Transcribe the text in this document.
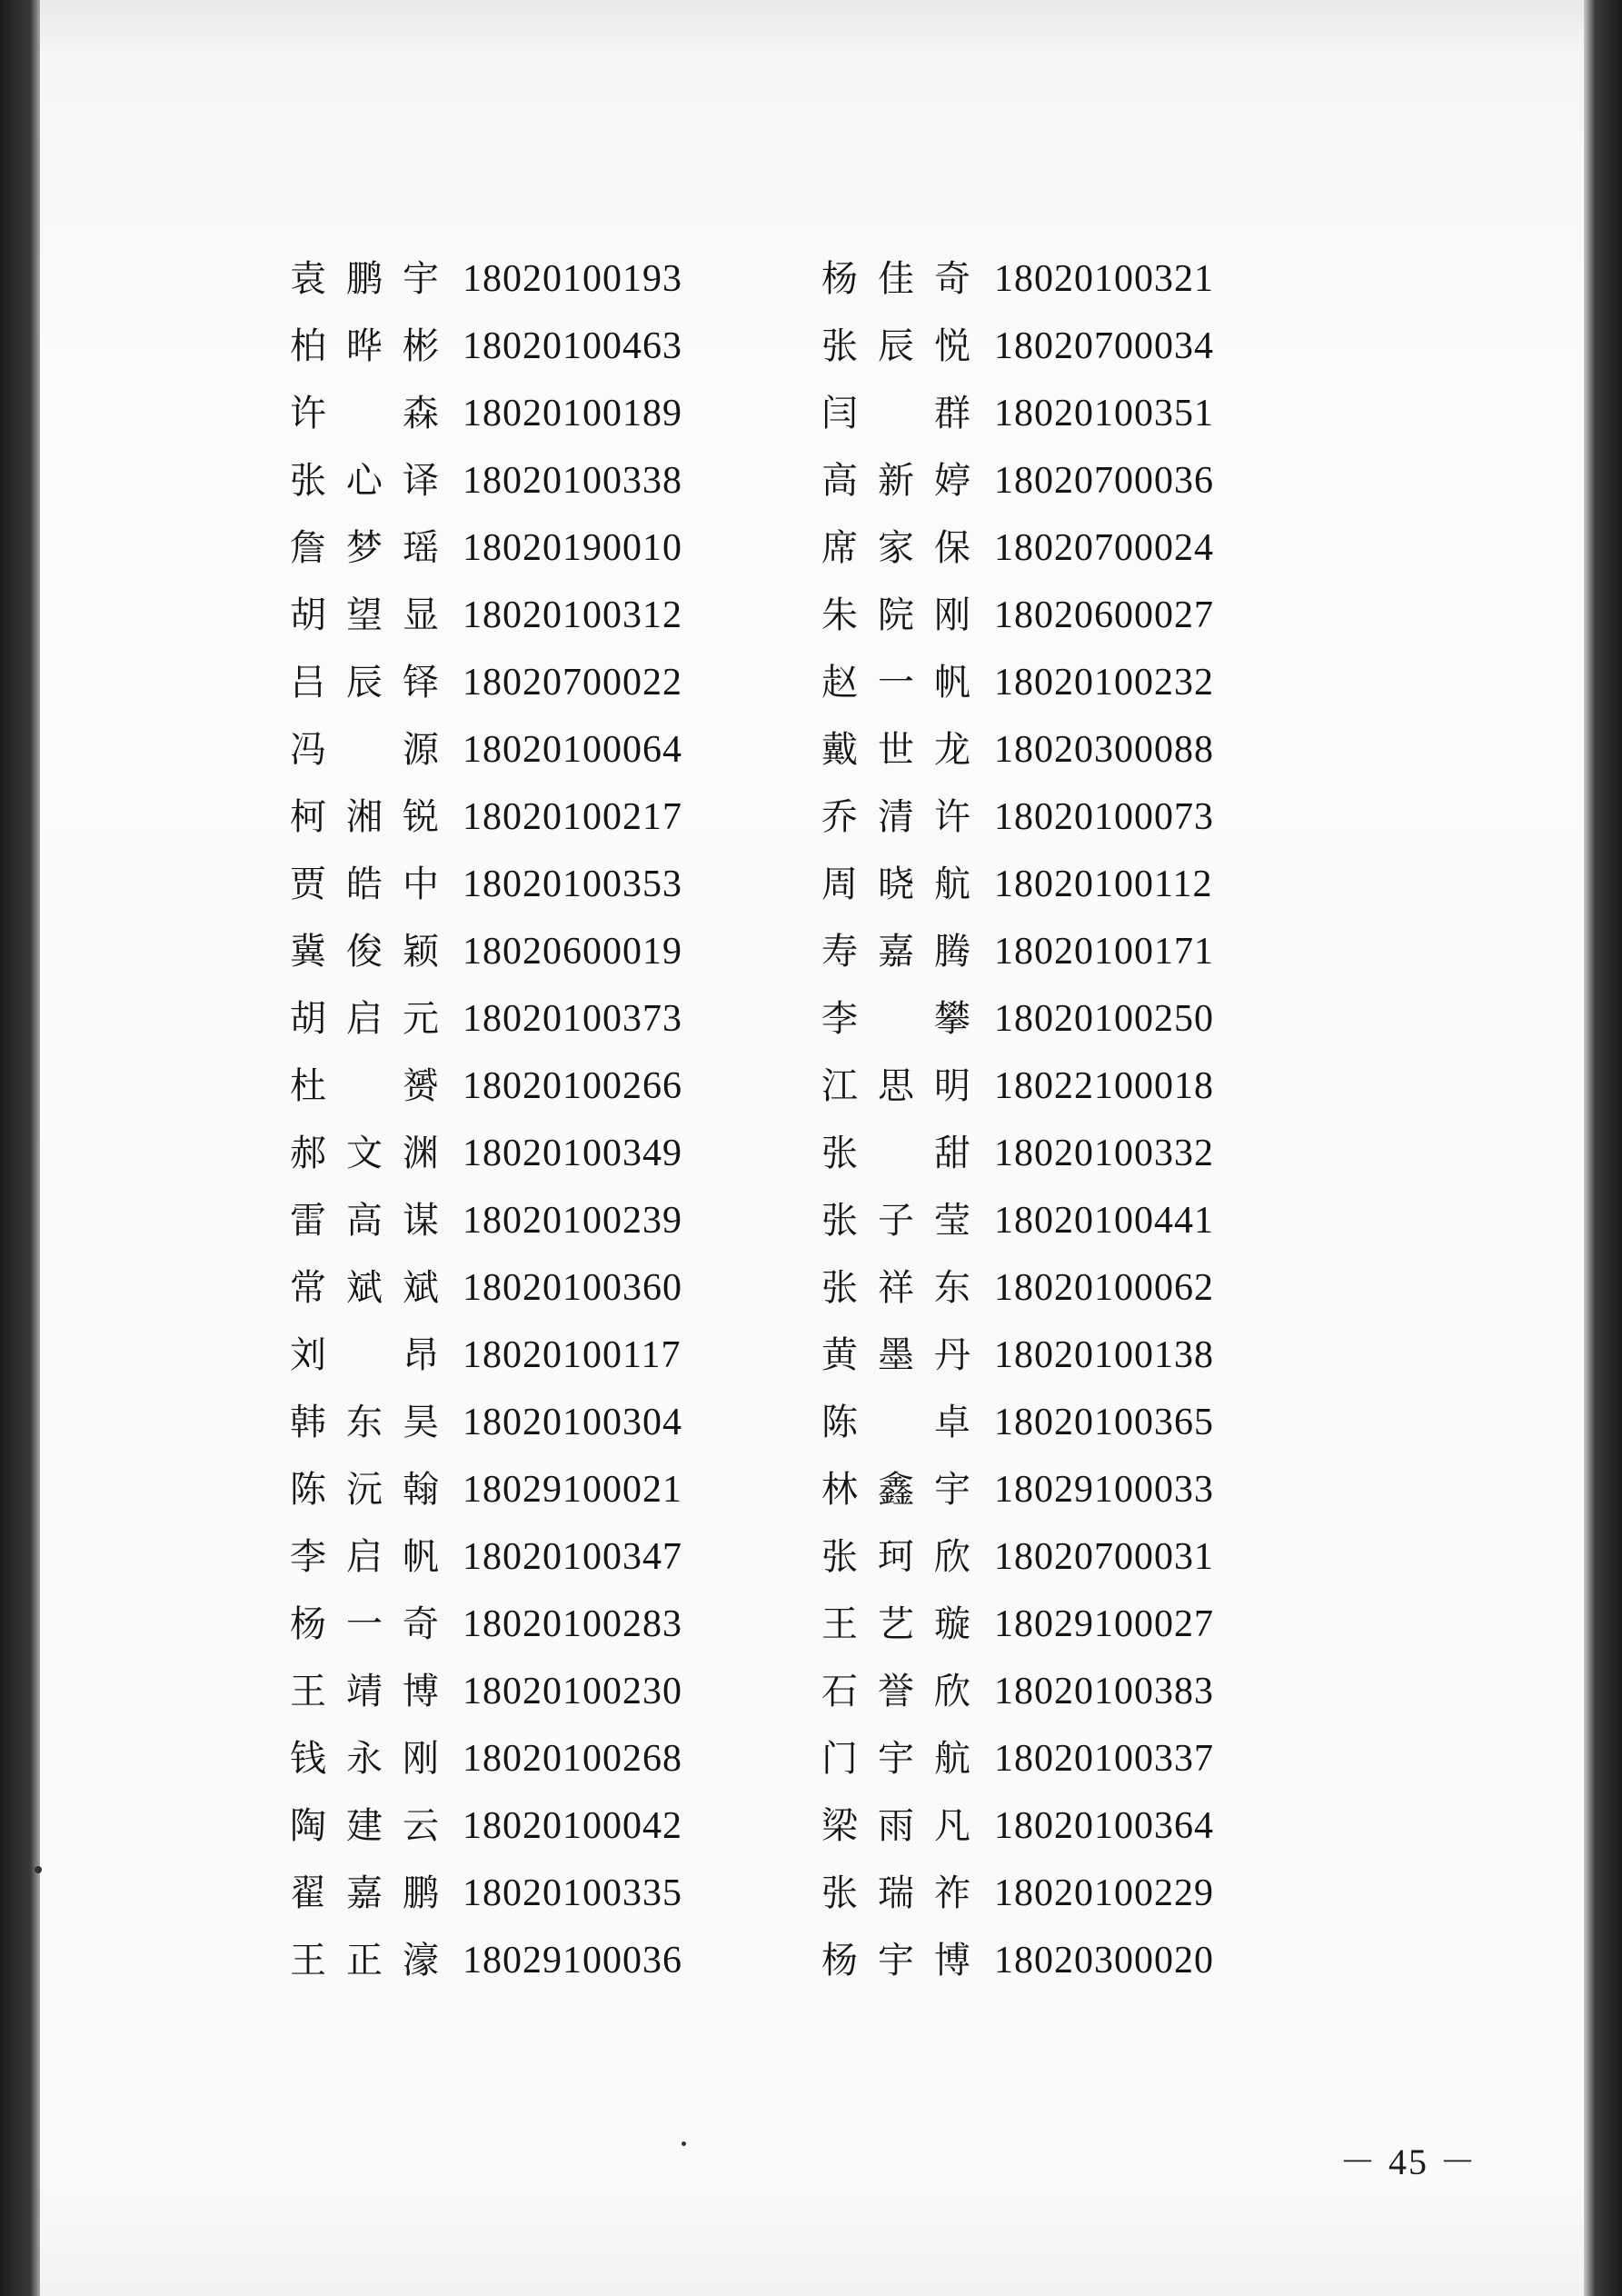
袁 鹏 宇 18020100193
柏 晔 彬 18020100463
许　 森 18020100189
张 心 译 18020100338
詹 梦 瑶 18020190010
胡 望 显 18020100312
吕 辰 铎 18020700022
冯　 源 18020100064
柯 湘 锐 18020100217
贾 皓 中 18020100353
冀 俊 颖 18020600019
胡 启 元 18020100373
杜　 赟 18020100266
郝 文 渊 18020100349
雷 高 谋 18020100239
常 斌 斌 18020100360
刘　 昂 18020100117
韩 东 昊 18020100304
陈 沅 翰 18029100021
李 启 帆 18020100347
杨 一 奇 18020100283
王 靖 博 18020100230
钱 永 刚 18020100268
陶 建 云 18020100042
翟 嘉 鹏 18020100335
王 正 濠 18029100036
杨 佳 奇 18020100321
张 辰 悦 18020700034
闫　 群 18020100351
高 新 婷 18020700036
席 家 保 18020700024
朱 院 刚 18020600027
赵 一 帆 18020100232
戴 世 龙 18020300088
乔 清 许 18020100073
周 晓 航 18020100112
寿 嘉 腾 18020100171
李　 攀 18020100250
江 思 明 18022100018
张　 甜 18020100332
张 子 莹 18020100441
张 祥 东 18020100062
黄 墨 丹 18020100138
陈　 卓 18020100365
林 鑫 宇 18029100033
张 珂 欣 18020700031
王 艺 璇 18029100027
石 誉 欣 18020100383
门 宇 航 18020100337
梁 雨 凡 18020100364
张 瑞 祚 18020100229
杨 宇 博 18020300020
－ 45 －
